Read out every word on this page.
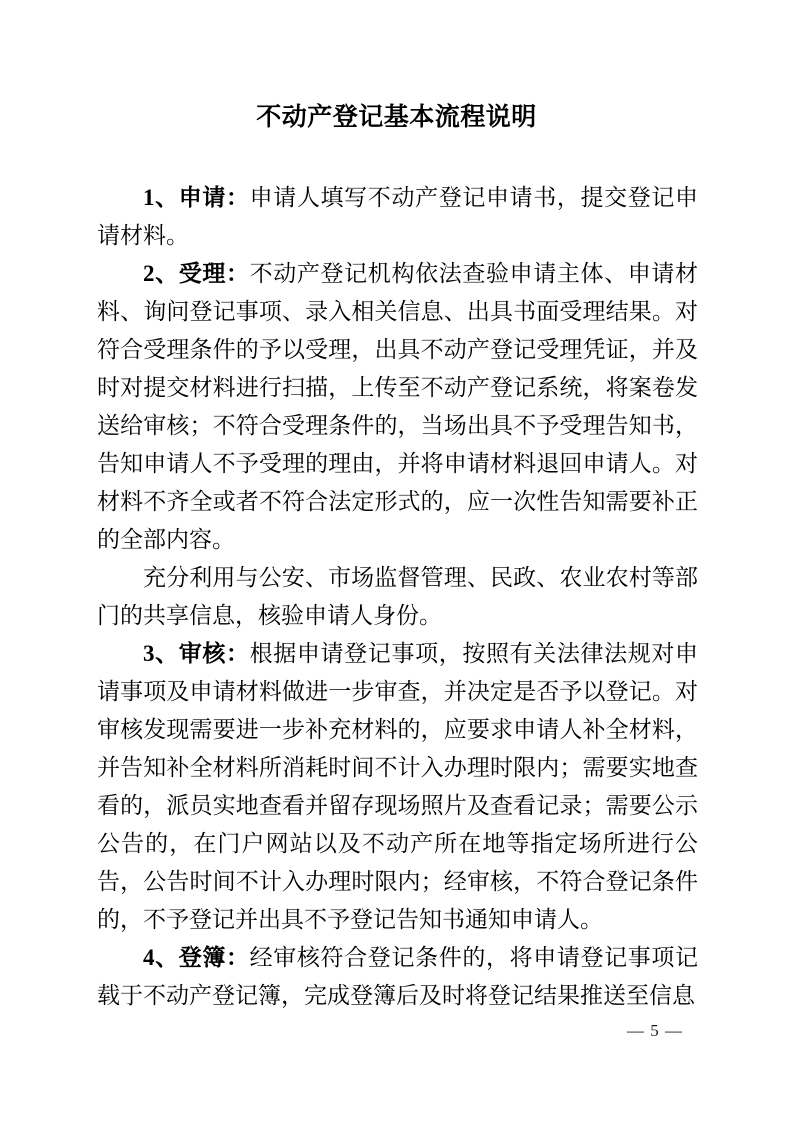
不动产登记基本流程说明

1、申请：申请人填写不动产登记申请书，提交登记申请材料。

2、受理：不动产登记机构依法查验申请主体、申请材料、询问登记事项、录入相关信息、出具书面受理结果。对符合受理条件的予以受理，出具不动产登记受理凭证，并及时对提交材料进行扫描，上传至不动产登记系统，将案卷发送给审核；不符合受理条件的，当场出具不予受理告知书，告知申请人不予受理的理由，并将申请材料退回申请人。对材料不齐全或者不符合法定形式的，应一次性告知需要补正的全部内容。

充分利用与公安、市场监督管理、民政、农业农村等部门的共享信息，核验申请人身份。

3、审核：根据申请登记事项，按照有关法律法规对申请事项及申请材料做进一步审查，并决定是否予以登记。对审核发现需要进一步补充材料的，应要求申请人补全材料，并告知补全材料所消耗时间不计入办理时限内；需要实地查看的，派员实地查看并留存现场照片及查看记录；需要公示公告的，在门户网站以及不动产所在地等指定场所进行公告，公告时间不计入办理时限内；经审核，不符合登记条件的，不予登记并出具不予登记告知书通知申请人。

4、登簿：经审核符合登记条件的，将申请登记事项记载于不动产登记簿，完成登簿后及时将登记结果推送至信息

— 5 —
